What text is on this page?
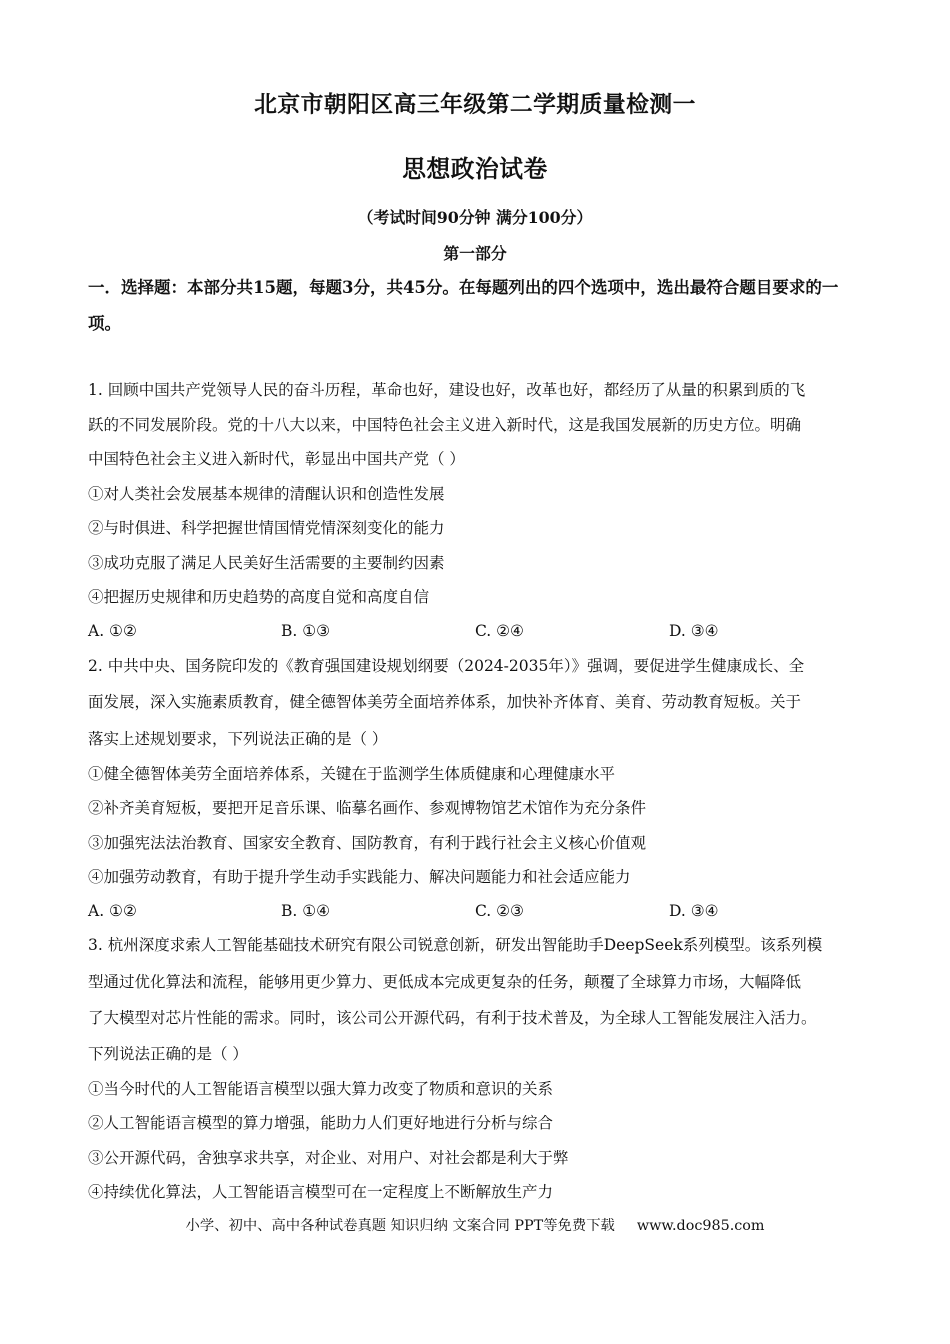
北京市朝阳区高三年级第二学期质量检测一
思想政治试卷
（考试时间90分钟 满分100分）
第一部分
一．选择题：本部分共15题，每题3分，共45分。在每题列出的四个选项中，选出最符合题目要求的一项。
1. 回顾中国共产党领导人民的奋斗历程，革命也好，建设也好，改革也好，都经历了从量的积累到质的飞
跃的不同发展阶段。党的十八大以来，中国特色社会主义进入新时代，这是我国发展新的历史方位。明确
中国特色社会主义进入新时代，彰显出中国共产党（ ）
①对人类社会发展基本规律的清醒认识和创造性发展
②与时俱进、科学把握世情国情党情深刻变化的能力
③成功克服了满足人民美好生活需要的主要制约因素
④把握历史规律和历史趋势的高度自觉和高度自信
A. ①②	B. ①③	C. ②④	D. ③④
2. 中共中央、国务院印发的《教育强国建设规划纲要（2024-2035年）》强调，要促进学生健康成长、全
面发展，深入实施素质教育，健全德智体美劳全面培养体系，加快补齐体育、美育、劳动教育短板。关于
落实上述规划要求，下列说法正确的是（ ）
①健全德智体美劳全面培养体系，关键在于监测学生体质健康和心理健康水平
②补齐美育短板，要把开足音乐课、临摹名画作、参观博物馆艺术馆作为充分条件
③加强宪法法治教育、国家安全教育、国防教育，有利于践行社会主义核心价值观
④加强劳动教育，有助于提升学生动手实践能力、解决问题能力和社会适应能力
A. ①②	B. ①④	C. ②③	D. ③④
3. 杭州深度求索人工智能基础技术研究有限公司锐意创新，研发出智能助手DeepSeek系列模型。该系列模
型通过优化算法和流程，能够用更少算力、更低成本完成更复杂的任务，颠覆了全球算力市场，大幅降低
了大模型对芯片性能的需求。同时，该公司公开源代码，有利于技术普及，为全球人工智能发展注入活力。
下列说法正确的是（ ）
①当今时代的人工智能语言模型以强大算力改变了物质和意识的关系
②人工智能语言模型的算力增强，能助力人们更好地进行分析与综合
③公开源代码，舍独享求共享，对企业、对用户、对社会都是利大于弊
④持续优化算法，人工智能语言模型可在一定程度上不断解放生产力
小学、初中、高中各种试卷真题 知识归纳 文案合同 PPT等免费下载 www.doc985.com
